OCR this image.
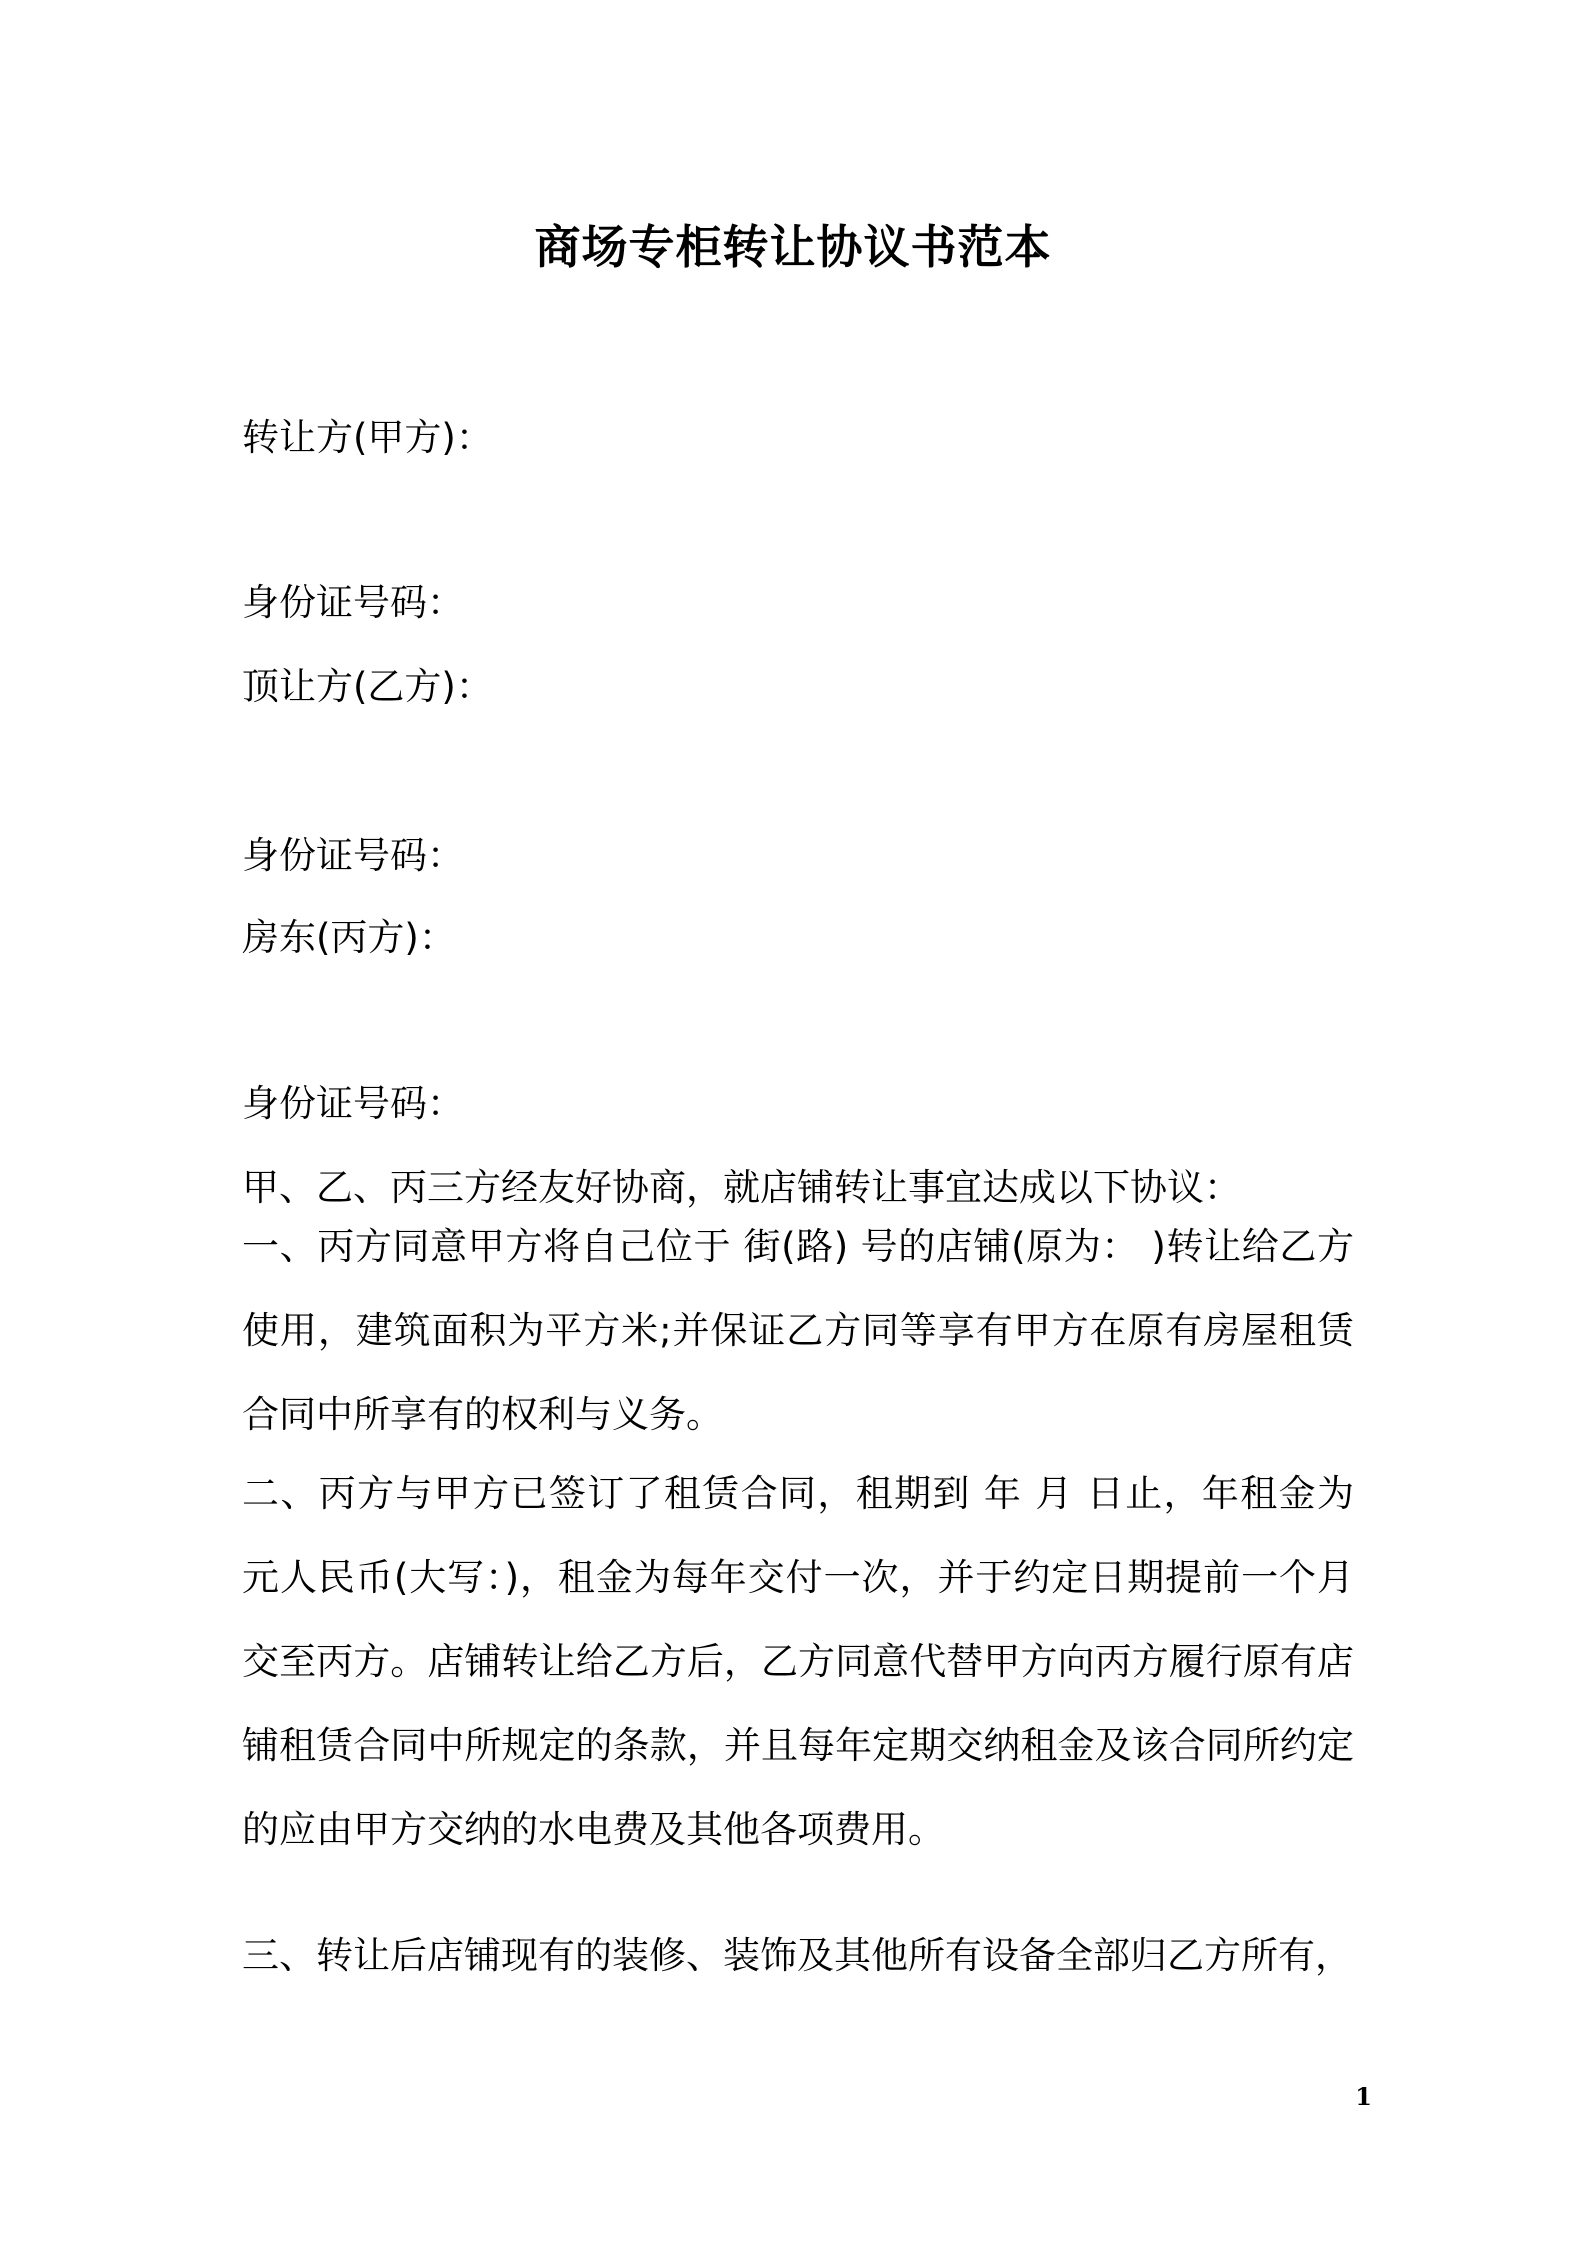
商场专柜转让协议书范本
转让方(甲方)：
身份证号码：
顶让方(乙方)：
身份证号码：
房东(丙方)：
身份证号码：
甲、乙、丙三方经友好协商，就店铺转让事宜达成以下协议：
一、丙方同意甲方将自己位于 街(路) 号的店铺(原为： )转让给乙方使用，建筑面积为平方米;并保证乙方同等享有甲方在原有房屋租赁合同中所享有的权利与义务。
二、丙方与甲方已签订了租赁合同，租期到 年 月 日止，年租金为 元人民币(大写：)，租金为每年交付一次，并于约定日期提前一个月交至丙方。店铺转让给乙方后，乙方同意代替甲方向丙方履行原有店铺租赁合同中所规定的条款，并且每年定期交纳租金及该合同所约定的应由甲方交纳的水电费及其他各项费用。
三、转让后店铺现有的装修、装饰及其他所有设备全部归乙方所有，
1
